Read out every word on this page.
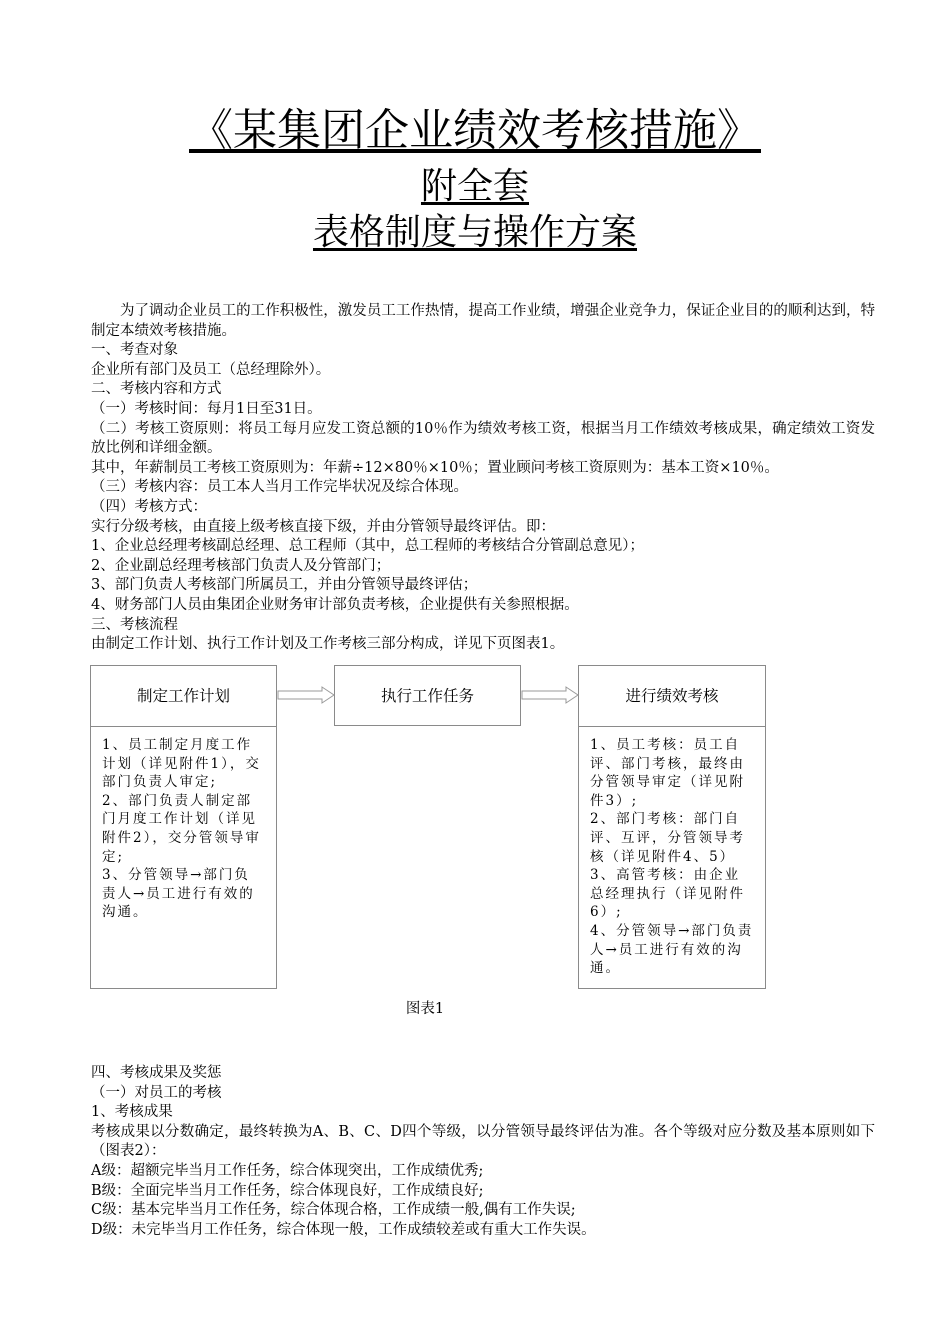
《某集团企业绩效考核措施》
附全套
表格制度与操作方案

为了调动企业员工的工作积极性，激发员工工作热情，提高工作业绩，增强企业竞争力，保证企业目的的顺利达到，特制定本绩效考核措施。

一、考查对象

企业所有部门及员工（总经理除外）。

二、考核内容和方式

（一）考核时间：每月1日至31日。

（二）考核工资原则：将员工每月应发工资总额的10％作为绩效考核工资，根据当月工作绩效考核成果，确定绩效工资发放比例和详细金额。

其中，年薪制员工考核工资原则为：年薪÷12×80％×10％；置业顾问考核工资原则为：基本工资×10％。

（三）考核内容：员工本人当月工作完毕状况及综合体现。

（四）考核方式：

实行分级考核，由直接上级考核直接下级，并由分管领导最终评估。即：

1、企业总经理考核副总经理、总工程师（其中，总工程师的考核结合分管副总意见）；

2、企业副总经理考核部门负责人及分管部门；

3、部门负责人考核部门所属员工，并由分管领导最终评估；

4、财务部门人员由集团企业财务审计部负责考核，企业提供有关参照根据。

三、考核流程

由制定工作计划、执行工作计划及工作考核三部分构成，详见下页图表1。

制定工作计划

1、员工制定月度工作计划（详见附件1），交部门负责人审定;

2、部门负责人制定部门月度工作计划（详见附件2），交分管领导审定;

3、分管领导→部门负责人→员工进行有效的沟通。

执行工作任务	进行绩效考核

1、员工考核：员工自评、部门考核，最终由分管领导审定（详见附件3）;

2、部门考核：部门自评、互评，分管领导考核（详见附件4、5）

3、高管考核：由企业总经理执行（详见附件6）;

4、分管领导→部门负责人→员工进行有效的沟通。

图表1

四、考核成果及奖惩

（一）对员工的考核

1、考核成果

考核成果以分数确定，最终转换为A、B、C、D四个等级，以分管领导最终评估为准。各个等级对应分数及基本原则如下（图表2）：

A级：超额完毕当月工作任务，综合体现突出，工作成绩优秀;

B级：全面完毕当月工作任务，综合体现良好，工作成绩良好;

C级：基本完毕当月工作任务，综合体现合格，工作成绩一般,偶有工作失误;

D级：未完毕当月工作任务，综合体现一般，工作成绩较差或有重大工作失误。
